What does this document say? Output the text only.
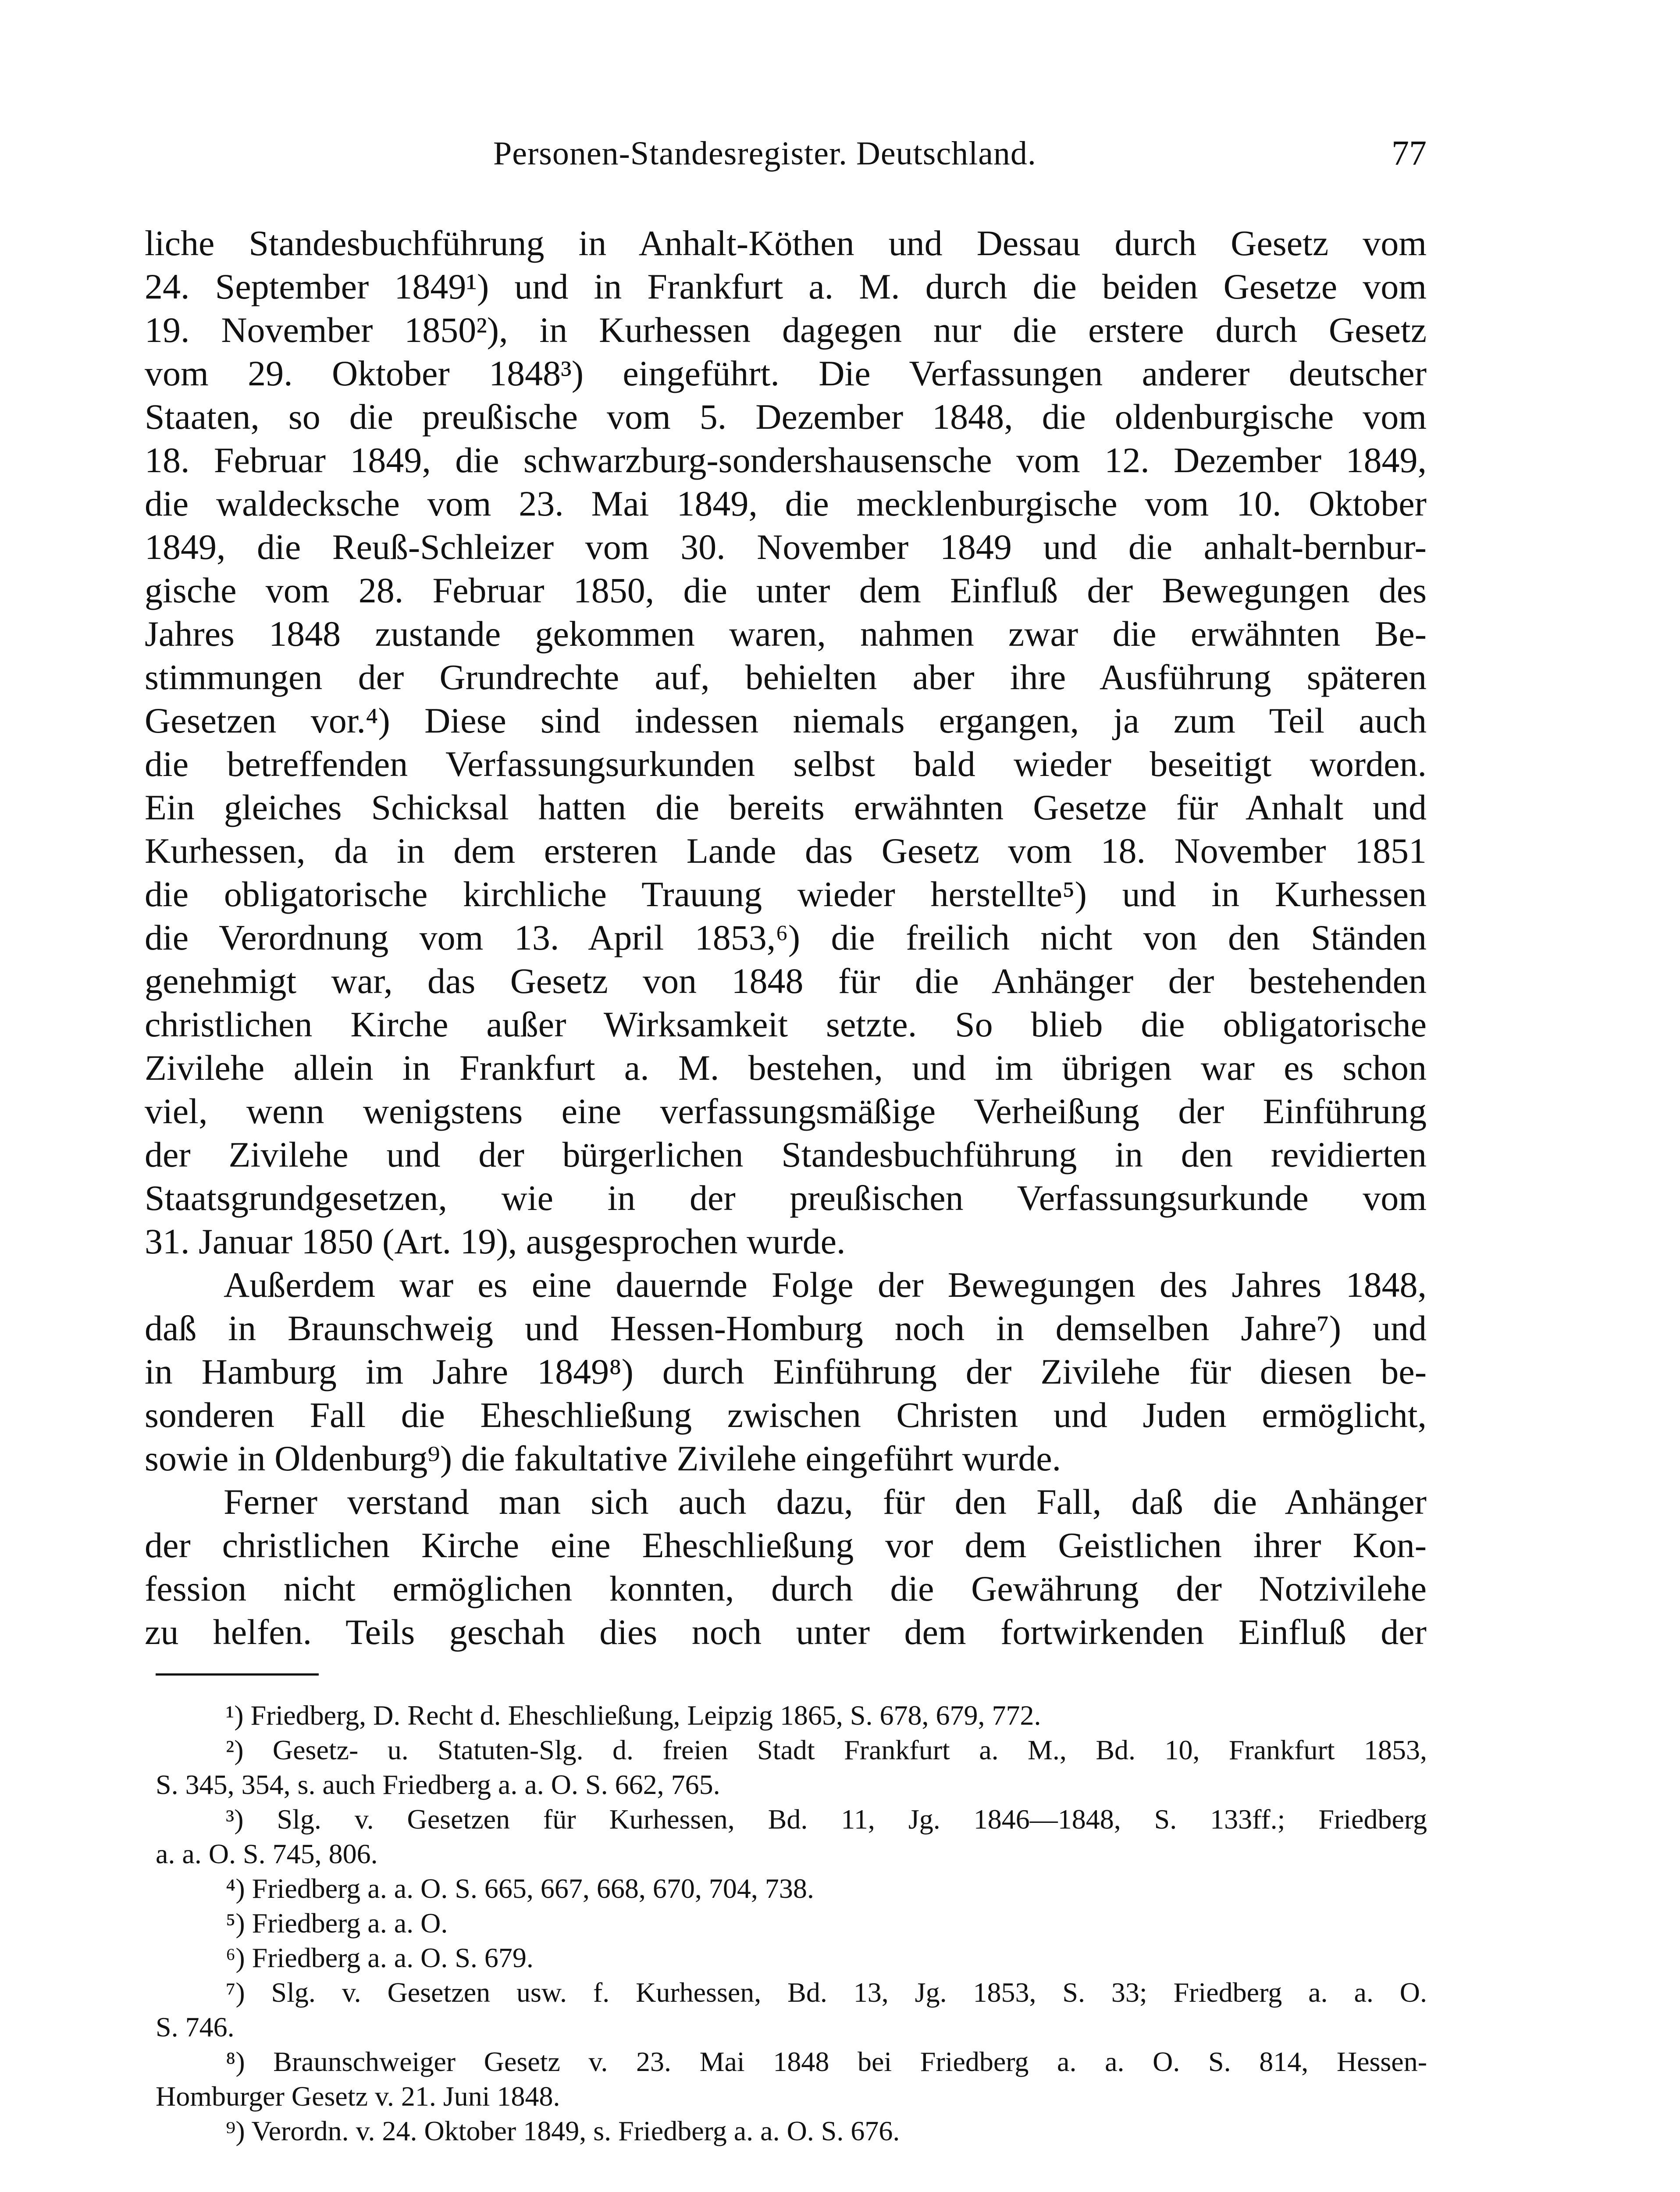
Personen-Standesregister. Deutschland.	77
liche Standesbuchführung in Anhalt-Köthen und Dessau durch Gesetz vom
24. September 1849¹) und in Frankfurt a. M. durch die beiden Gesetze vom
19. November 1850²), in Kurhessen dagegen nur die erstere durch Gesetz
vom 29. Oktober 1848³) eingeführt. Die Verfassungen anderer deutscher
Staaten, so die preußische vom 5. Dezember 1848, die oldenburgische vom
18. Februar 1849, die schwarzburg-sondershausensche vom 12. Dezember 1849,
die waldecksche vom 23. Mai 1849, die mecklenburgische vom 10. Oktober
1849, die Reuß-Schleizer vom 30. November 1849 und die anhalt-bernbur-
gische vom 28. Februar 1850, die unter dem Einfluß der Bewegungen des
Jahres 1848 zustande gekommen waren, nahmen zwar die erwähnten Be-
stimmungen der Grundrechte auf, behielten aber ihre Ausführung späteren
Gesetzen vor.⁴) Diese sind indessen niemals ergangen, ja zum Teil auch
die betreffenden Verfassungsurkunden selbst bald wieder beseitigt worden.
Ein gleiches Schicksal hatten die bereits erwähnten Gesetze für Anhalt und
Kurhessen, da in dem ersteren Lande das Gesetz vom 18. November 1851
die obligatorische kirchliche Trauung wieder herstellte⁵) und in Kurhessen
die Verordnung vom 13. April 1853,⁶) die freilich nicht von den Ständen
genehmigt war, das Gesetz von 1848 für die Anhänger der bestehenden
christlichen Kirche außer Wirksamkeit setzte. So blieb die obligatorische
Zivilehe allein in Frankfurt a. M. bestehen, und im übrigen war es schon
viel, wenn wenigstens eine verfassungsmäßige Verheißung der Einführung
der Zivilehe und der bürgerlichen Standesbuchführung in den revidierten
Staatsgrundgesetzen, wie in der preußischen Verfassungsurkunde vom
31. Januar 1850 (Art. 19), ausgesprochen wurde.
Außerdem war es eine dauernde Folge der Bewegungen des Jahres 1848,
daß in Braunschweig und Hessen-Homburg noch in demselben Jahre⁷) und
in Hamburg im Jahre 1849⁸) durch Einführung der Zivilehe für diesen be-
sonderen Fall die Eheschließung zwischen Christen und Juden ermöglicht,
sowie in Oldenburg⁹) die fakultative Zivilehe eingeführt wurde.
Ferner verstand man sich auch dazu, für den Fall, daß die Anhänger
der christlichen Kirche eine Eheschließung vor dem Geistlichen ihrer Kon-
fession nicht ermöglichen konnten, durch die Gewährung der Notzivilehe
zu helfen. Teils geschah dies noch unter dem fortwirkenden Einfluß der
¹) Friedberg, D. Recht d. Eheschließung, Leipzig 1865, S. 678, 679, 772.
²) Gesetz- u. Statuten-Slg. d. freien Stadt Frankfurt a. M., Bd. 10, Frankfurt 1853,
S. 345, 354, s. auch Friedberg a. a. O. S. 662, 765.
³) Slg. v. Gesetzen für Kurhessen, Bd. 11, Jg. 1846—1848, S. 133ff.; Friedberg
a. a. O. S. 745, 806.
⁴) Friedberg a. a. O. S. 665, 667, 668, 670, 704, 738.
⁵) Friedberg a. a. O.
⁶) Friedberg a. a. O. S. 679.
⁷) Slg. v. Gesetzen usw. f. Kurhessen, Bd. 13, Jg. 1853, S. 33; Friedberg a. a. O.
S. 746.
⁸) Braunschweiger Gesetz v. 23. Mai 1848 bei Friedberg a. a. O. S. 814, Hessen-
Homburger Gesetz v. 21. Juni 1848.
⁹) Verordn. v. 24. Oktober 1849, s. Friedberg a. a. O. S. 676.
